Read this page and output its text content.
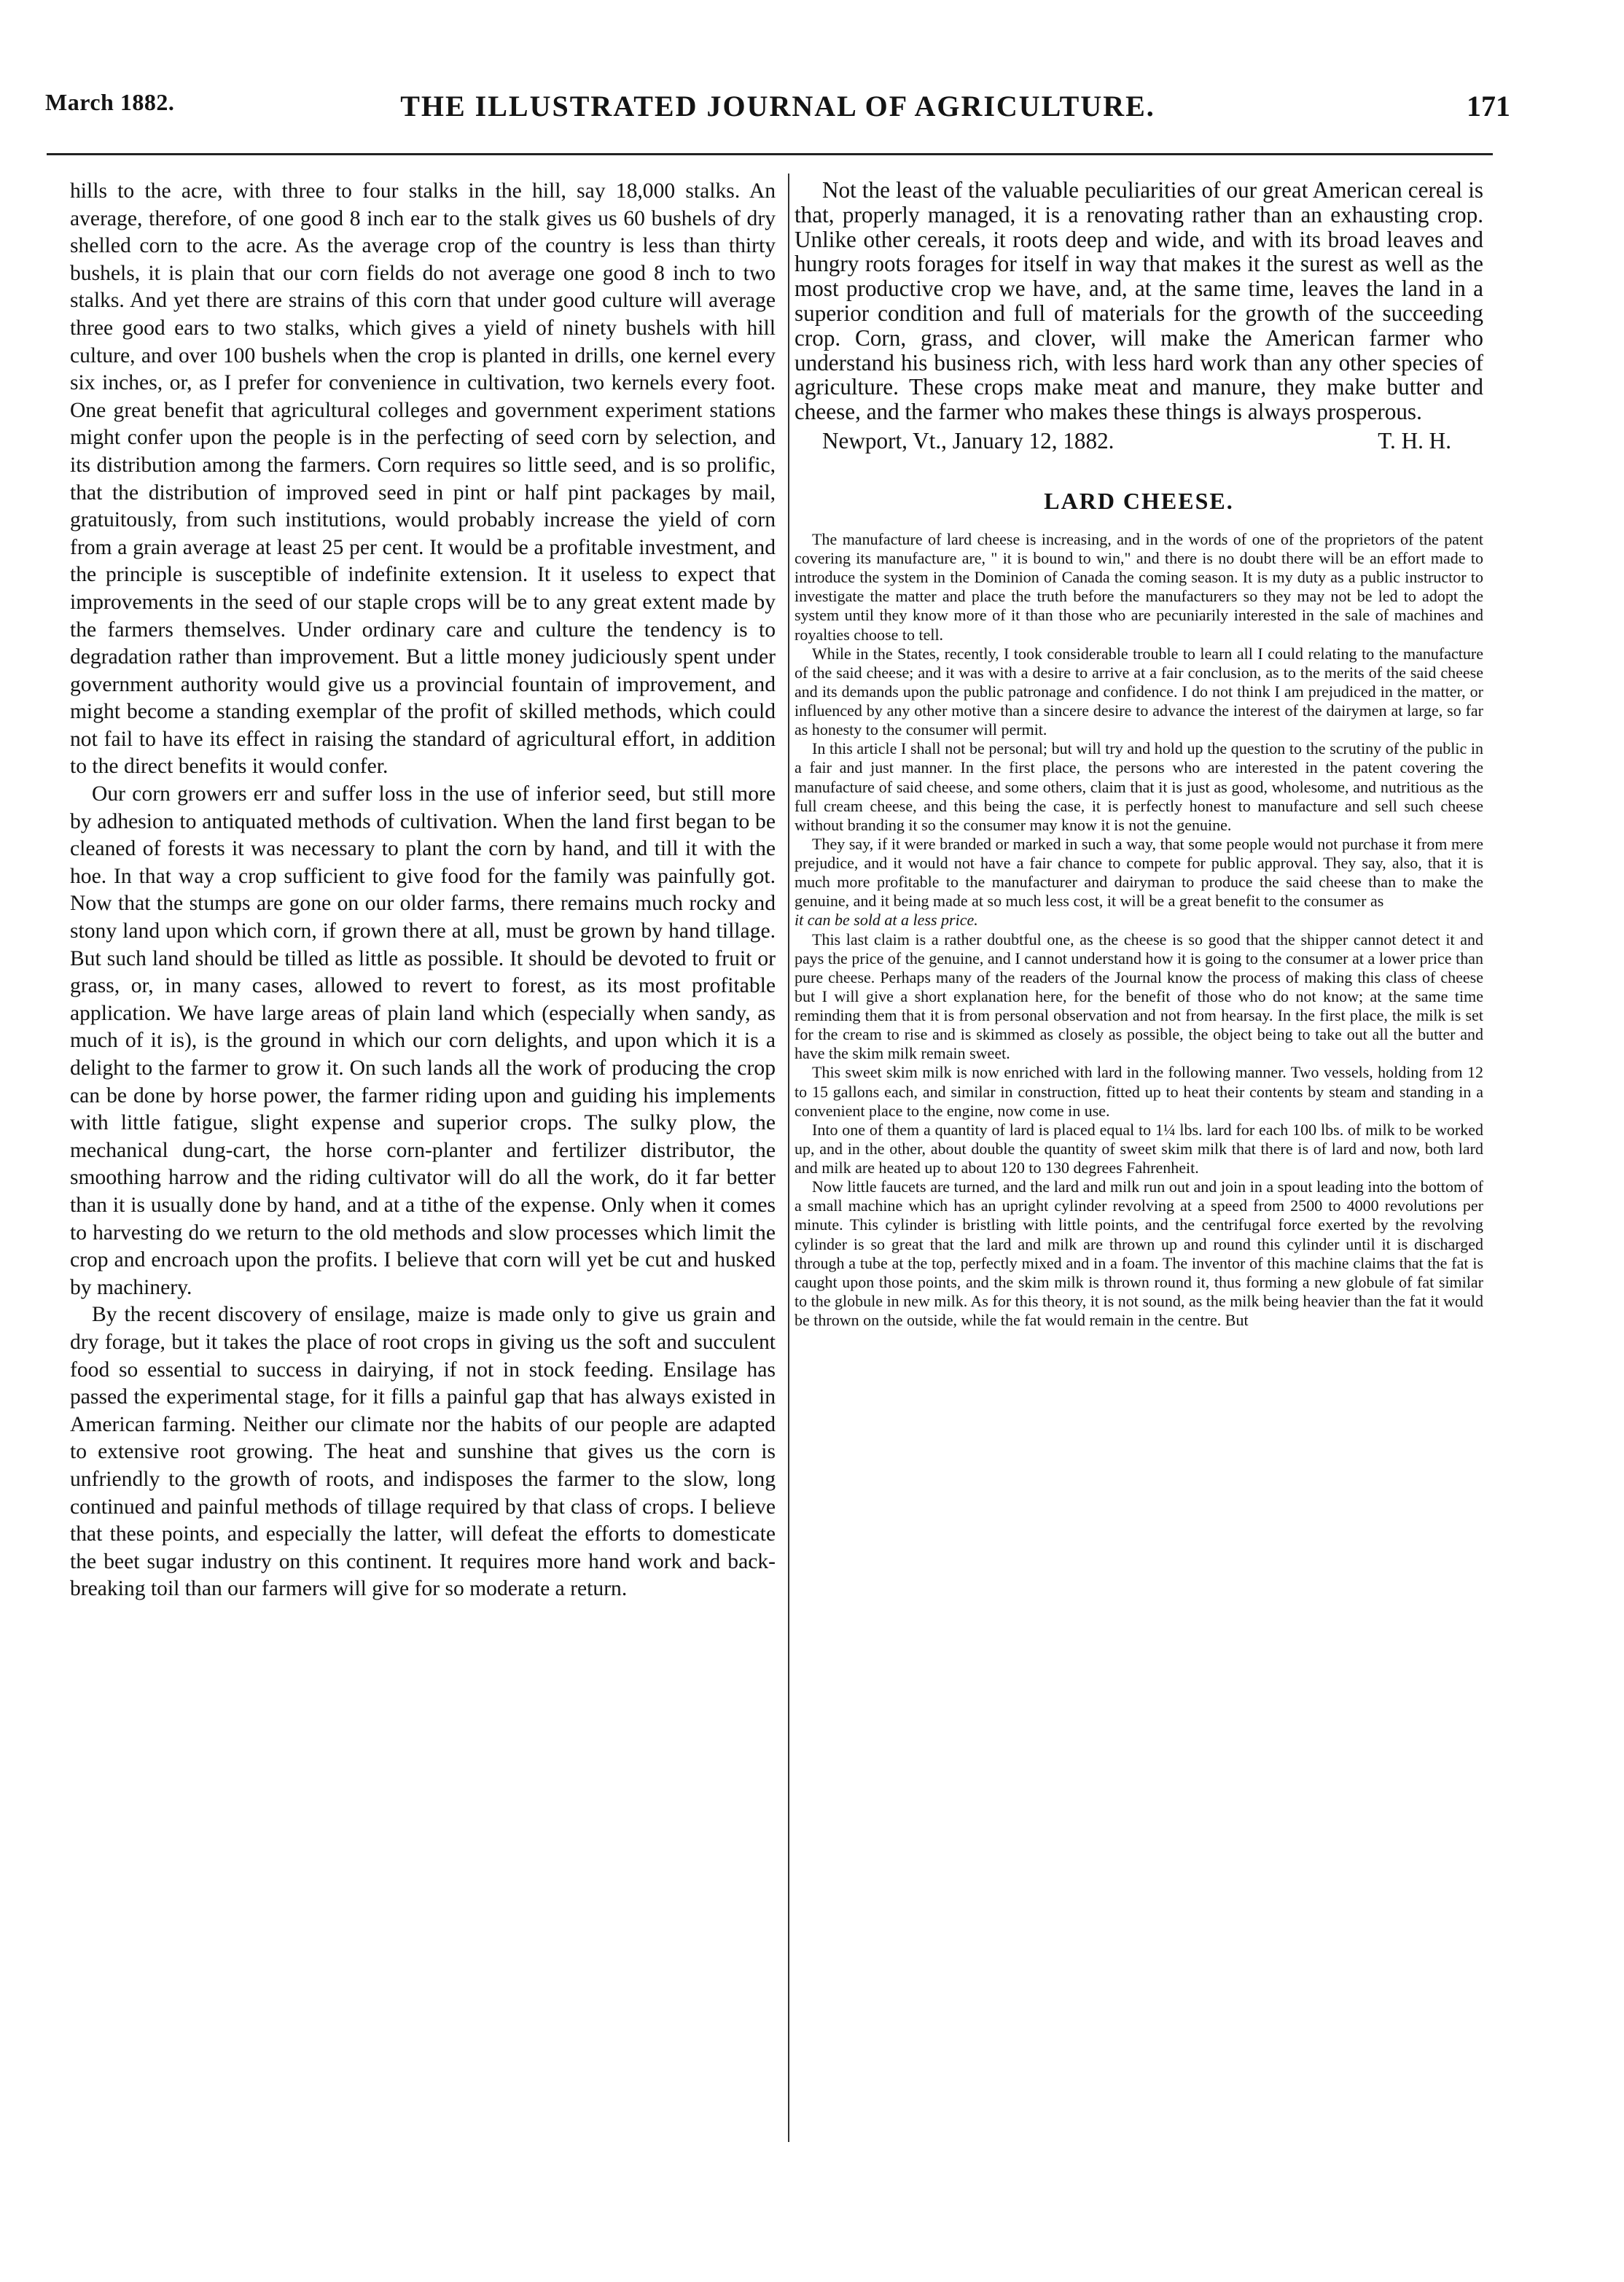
March 1882.	THE ILLUSTRATED JOURNAL OF AGRICULTURE.	171

hills to the acre, with three to four stalks in the hill, say 18,000 stalks. An average, therefore, of one good 8 inch ear to the stalk gives us 60 bushels of dry shelled corn to the acre. As the average crop of the country is less than thirty bushels, it is plain that our corn fields do not average one good 8 inch to two stalks. And yet there are strains of this corn that under good culture will average three good ears to two stalks, which gives a yield of ninety bushels with hill culture, and over 100 bushels when the crop is planted in drills, one kernel every six inches, or, as I prefer for convenience in cultivation, two kernels every foot. One great benefit that agricultural colleges and government experiment stations might confer upon the people is in the perfecting of seed corn by selection, and its distribution among the farmers. Corn requires so little seed, and is so prolific, that the distribution of improved seed in pint or half pint packages by mail, gratuitously, from such institutions, would probably increase the yield of corn from a grain average at least 25 per cent. It would be a profitable investment, and the principle is susceptible of indefinite extension. It it useless to expect that improvements in the seed of our staple crops will be to any great extent made by the farmers themselves. Under ordinary care and culture the tendency is to degradation rather than improvement. But a little money judiciously spent under government authority would give us a provincial fountain of improvement, and might become a standing exemplar of the profit of skilled methods, which could not fail to have its effect in raising the standard of agricultural effort, in addition to the direct benefits it would confer.

Our corn growers err and suffer loss in the use of inferior seed, but still more by adhesion to antiquated methods of cultivation. When the land first began to be cleaned of forests it was necessary to plant the corn by hand, and till it with the hoe. In that way a crop sufficient to give food for the family was painfully got. Now that the stumps are gone on our older farms, there remains much rocky and stony land upon which corn, if grown there at all, must be grown by hand tillage. But such land should be tilled as little as possible. It should be devoted to fruit or grass, or, in many cases, allowed to revert to forest, as its most profitable application. We have large areas of plain land which (especially when sandy, as much of it is), is the ground in which our corn delights, and upon which it is a delight to the farmer to grow it. On such lands all the work of producing the crop can be done by horse power, the farmer riding upon and guiding his implements with little fatigue, slight expense and superior crops. The sulky plow, the mechanical dung-cart, the horse corn-planter and fertilizer distributor, the smoothing harrow and the riding cultivator will do all the work, do it far better than it is usually done by hand, and at a tithe of the expense. Only when it comes to harvesting do we return to the old methods and slow processes which limit the crop and encroach upon the profits. I believe that corn will yet be cut and husked by machinery.

By the recent discovery of ensilage, maize is made only to give us grain and dry forage, but it takes the place of root crops in giving us the soft and succulent food so essential to success in dairying, if not in stock feeding. Ensilage has passed the experimental stage, for it fills a painful gap that has always existed in American farming. Neither our climate nor the habits of our people are adapted to extensive root growing. The heat and sunshine that gives us the corn is unfriendly to the growth of roots, and indisposes the farmer to the slow, long continued and painful methods of tillage required by that class of crops. I believe that these points, and especially the latter, will defeat the efforts to domesticate the beet sugar industry on this continent. It requires more hand work and back-breaking toil than our farmers will give for so moderate a return.

Not the least of the valuable peculiarities of our great American cereal is that, properly managed, it is a renovating rather than an exhausting crop. Unlike other cereals, it roots deep and wide, and with its broad leaves and hungry roots forages for itself in way that makes it the surest as well as the most productive crop we have, and, at the same time, leaves the land in a superior condition and full of materials for the growth of the succeeding crop. Corn, grass, and clover, will make the American farmer who understand his business rich, with less hard work than any other species of agriculture. These crops make meat and manure, they make butter and cheese, and the farmer who makes these things is always prosperous.

Newport, Vt., January 12, 1882.	T. H. H.
LARD CHEESE.

The manufacture of lard cheese is increasing, and in the words of one of the proprietors of the patent covering its manufacture are, " it is bound to win," and there is no doubt there will be an effort made to introduce the system in the Dominion of Canada the coming season. It is my duty as a public instructor to investigate the matter and place the truth before the manufacturers so they may not be led to adopt the system until they know more of it than those who are pecuniarily interested in the sale of machines and royalties choose to tell.

While in the States, recently, I took considerable trouble to learn all I could relating to the manufacture of the said cheese; and it was with a desire to arrive at a fair conclusion, as to the merits of the said cheese and its demands upon the public patronage and confidence. I do not think I am prejudiced in the matter, or influenced by any other motive than a sincere desire to advance the interest of the dairymen at large, so far as honesty to the consumer will permit.

In this article I shall not be personal; but will try and hold up the question to the scrutiny of the public in a fair and just manner. In the first place, the persons who are interested in the patent covering the manufacture of said cheese, and some others, claim that it is just as good, wholesome, and nutritious as the full cream cheese, and this being the case, it is perfectly honest to manufacture and sell such cheese without branding it so the consumer may know it is not the genuine.

They say, if it were branded or marked in such a way, that some people would not purchase it from mere prejudice, and it would not have a fair chance to compete for public approval. They say, also, that it is much more profitable to the manufacturer and dairyman to produce the said cheese than to make the genuine, and it being made at so much less cost, it will be a great benefit to the consumer as

it can be sold at a less price.

This last claim is a rather doubtful one, as the cheese is so good that the shipper cannot detect it and pays the price of the genuine, and I cannot understand how it is going to the consumer at a lower price than pure cheese. Perhaps many of the readers of the Journal know the process of making this class of cheese but I will give a short explanation here, for the benefit of those who do not know; at the same time reminding them that it is from personal observation and not from hearsay. In the first place, the milk is set for the cream to rise and is skimmed as closely as possible, the object being to take out all the butter and have the skim milk remain sweet.

This sweet skim milk is now enriched with lard in the following manner. Two vessels, holding from 12 to 15 gallons each, and similar in construction, fitted up to heat their contents by steam and standing in a convenient place to the engine, now come in use.

Into one of them a quantity of lard is placed equal to 1¼ lbs. lard for each 100 lbs. of milk to be worked up, and in the other, about double the quantity of sweet skim milk that there is of lard and now, both lard and milk are heated up to about 120 to 130 degrees Fahrenheit.

Now little faucets are turned, and the lard and milk run out and join in a spout leading into the bottom of a small machine which has an upright cylinder revolving at a speed from 2500 to 4000 revolutions per minute. This cylinder is bristling with little points, and the centrifugal force exerted by the revolving cylinder is so great that the lard and milk are thrown up and round this cylinder until it is discharged through a tube at the top, perfectly mixed and in a foam. The inventor of this machine claims that the fat is caught upon those points, and the skim milk is thrown round it, thus forming a new globule of fat similar to the globule in new milk. As for this theory, it is not sound, as the milk being heavier than the fat it would be thrown on the outside, while the fat would remain in the centre. But
